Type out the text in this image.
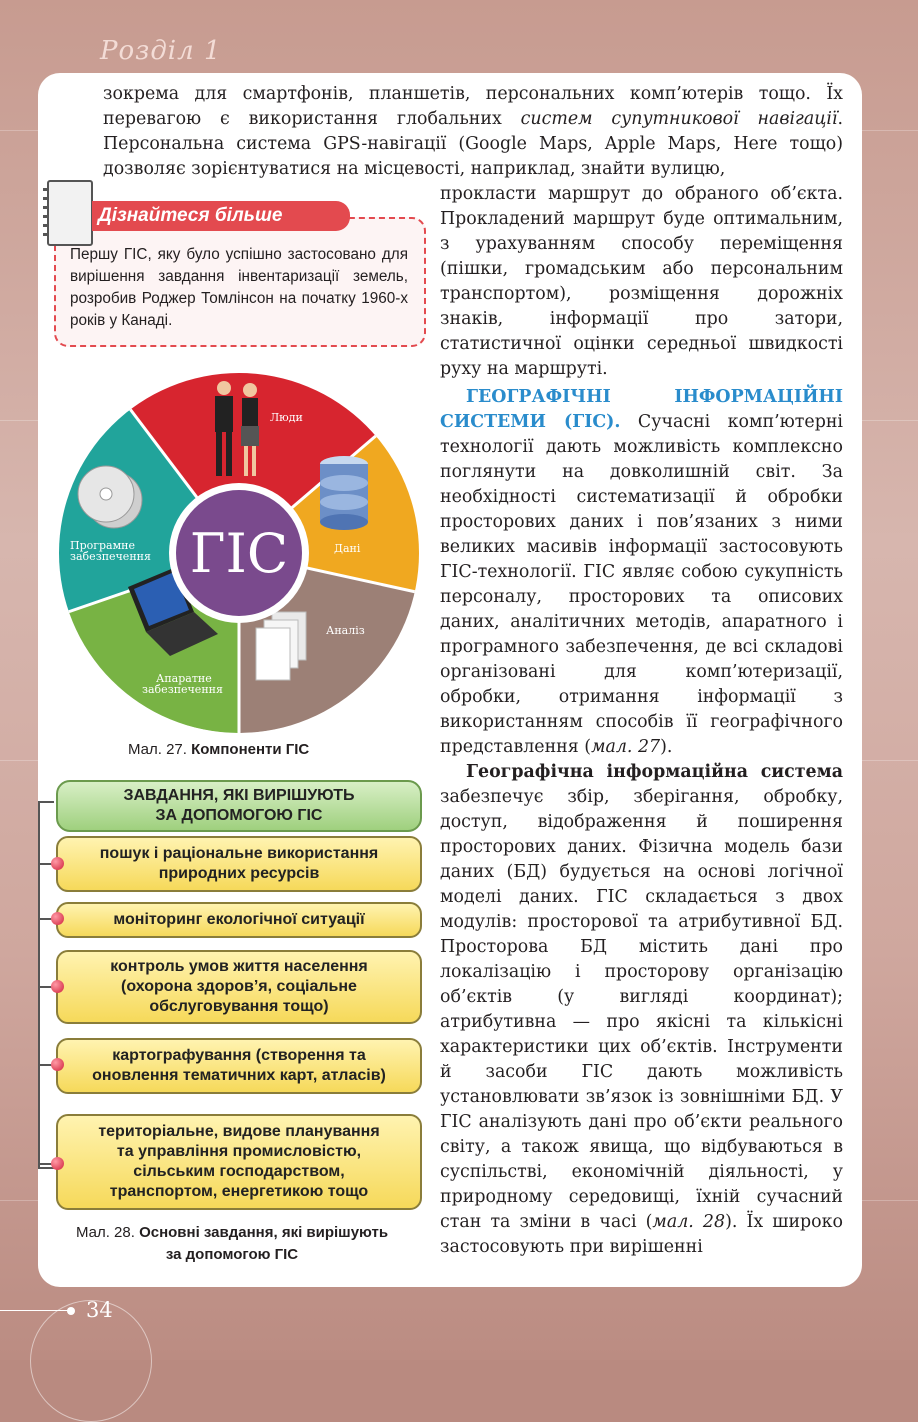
Розділ 1

зокрема для смартфонів, планшетів, персональних комп’ютерів тощо. Їх перевагою є використання глобальних систем супутникової навігації. Персональна система GPS-навігації (Google Maps, Apple Maps, Here тощо) дозволяє зорієнтуватися на місцевості, наприклад, знайти вулицю,

прокласти маршрут до обраного об’єкта. Прокладений маршрут буде оптимальним, з урахуванням способу переміщення (пішки, громадським або персональним транспортом), розміщення дорожніх знаків, інформації про затори, статистичної оцінки середньої швидкості руху на маршруті.

Дізнайтеся більше
Першу ГІС, яку було успішно застосовано для вирішення завдання інвентаризації земель, розробив Роджер Томлінсон на початку 1960-х років у Канаді.
ГІС
Люди
Дані
Аналіз
Апаратне
забезпечення
Програмне
забезпечення
Мал. 27. Компоненти ГІС
ЗАВДАННЯ, ЯКІ ВИРІШУЮТЬ
ЗА ДОПОМОГОЮ ГІС
пошук і раціональне використання
природних ресурсів
моніторинг екологічної ситуації
контроль умов життя населення
(охорона здоров’я, соціальне
обслуговування тощо)
картографування (створення та
оновлення тематичних карт, атласів)
територіальне, видове планування
та управління промисловістю,
сільським господарством,
транспортом, енергетикою тощо
Мал. 28. Основні завдання, які вирішують
за допомогою ГІС

ГЕОГРАФІЧНІ ІНФОРМАЦІЙНІ СИСТЕМИ (ГІС). Сучасні комп’ютерні технології дають можливість комплексно поглянути на довколишній світ. За необхідності систематизації й обробки просторових даних і пов’язаних з ними великих масивів інформації застосовують ГІС-технології. ГІС являє собою сукупність персоналу, просторових та описових даних, аналітичних методів, апаратного і програмного забезпечення, де всі складові організовані для комп’ютеризації, обробки, отримання інформації з використанням способів її географічного представлення (мал. 27).

Географічна інформаційна система забезпечує збір, зберігання, обробку, доступ, відображення й поширення просторових даних. Фізична модель бази даних (БД) будується на основі логічної моделі даних. ГІС складається з двох модулів: просторової та атрибутивної БД. Просторова БД містить дані про локалізацію і просторову організацію об’єктів (у вигляді координат); атрибутивна — про якісні та кількісні характеристики цих об’єктів. Інструменти й засоби ГІС дають можливість установлювати зв’язок із зовнішніми БД. У ГІС аналізують дані про об’єкти реального світу, а також явища, що відбуваються в суспільстві, економічній діяльності, у природному середовищі, їхній сучасний стан та зміни в часі (мал. 28). Їх широко застосовують при вирішенні

34
